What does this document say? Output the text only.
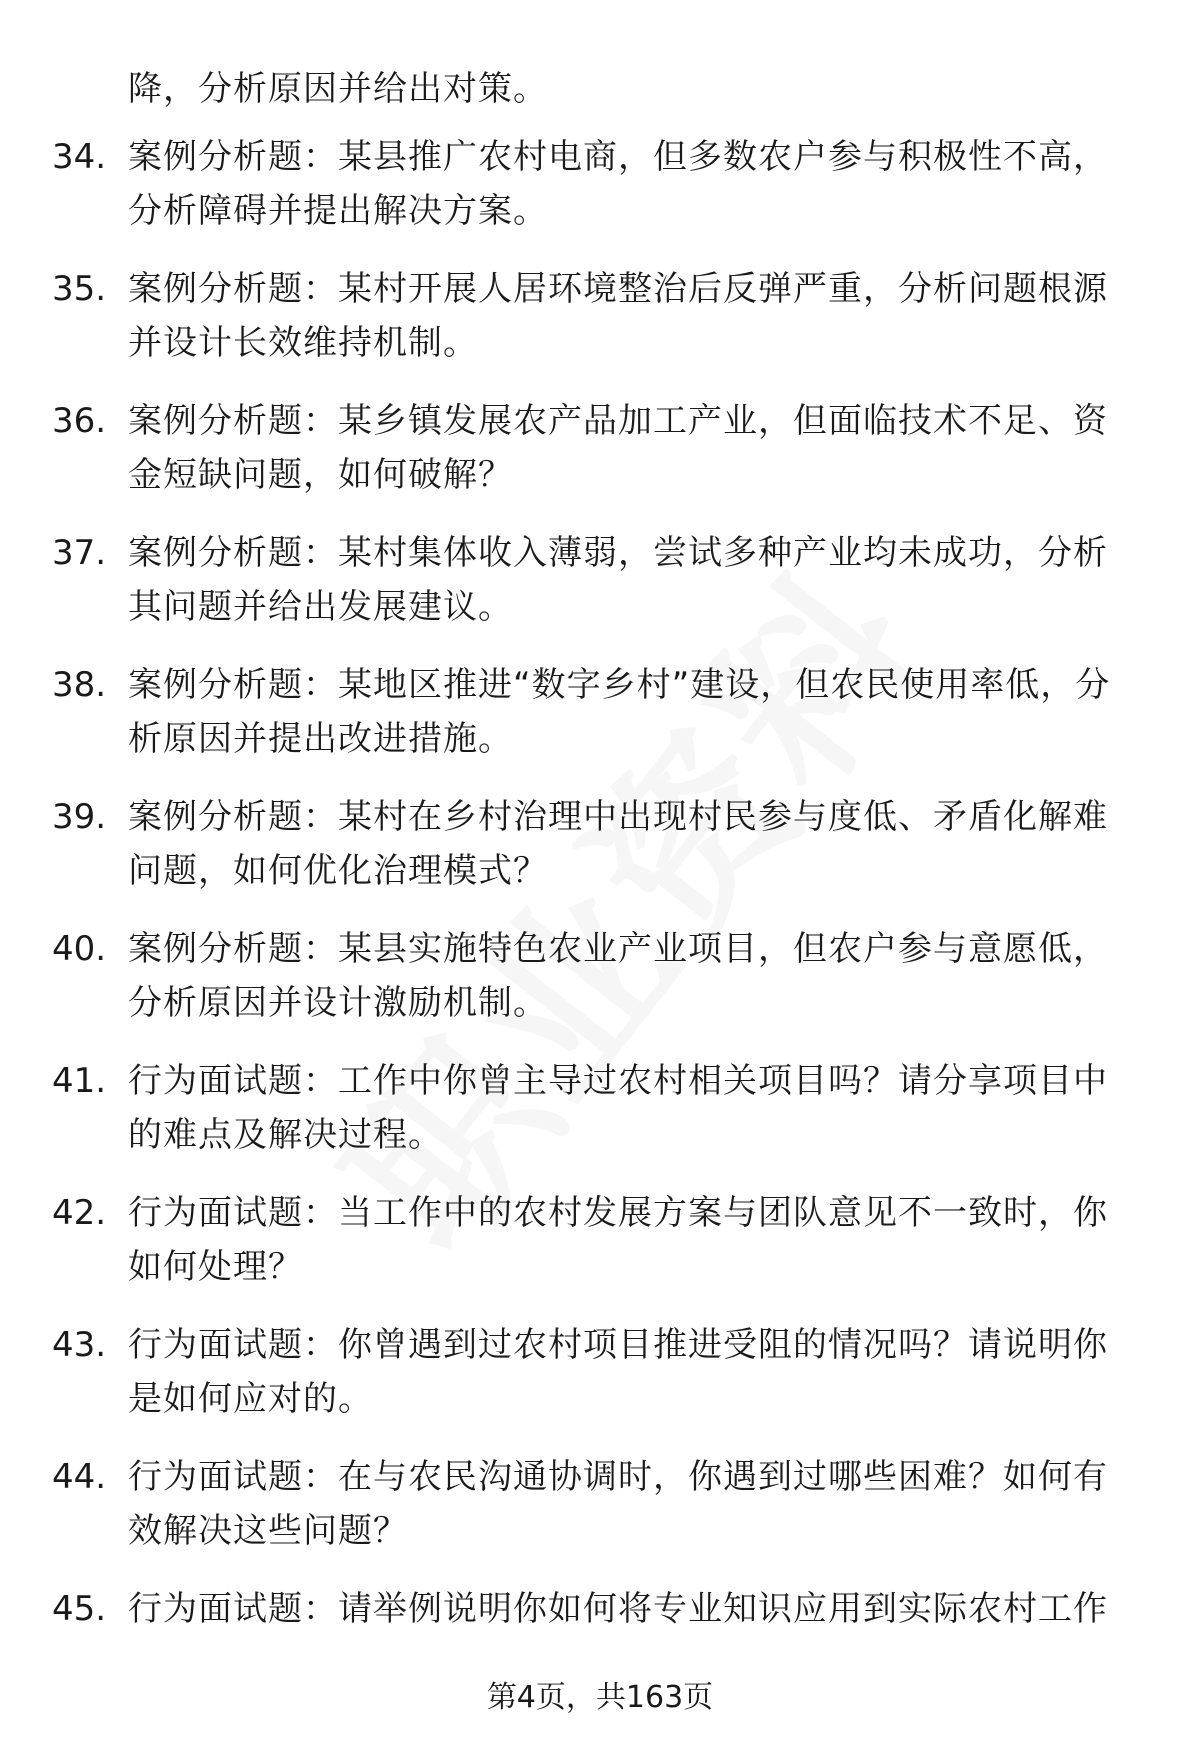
降，分析原因并给出对策。
34. 案例分析题：某县推广农村电商，但多数农户参与积极性不高，分析障碍并提出解决方案。
35. 案例分析题：某村开展人居环境整治后反弹严重，分析问题根源并设计长效维持机制。
36. 案例分析题：某乡镇发展农产品加工产业，但面临技术不足、资金短缺问题，如何破解？
37. 案例分析题：某村集体收入薄弱，尝试多种产业均未成功，分析其问题并给出发展建议。
38. 案例分析题：某地区推进“数字乡村”建设，但农民使用率低，分析原因并提出改进措施。
39. 案例分析题：某村在乡村治理中出现村民参与度低、矛盾化解难问题，如何优化治理模式？
40. 案例分析题：某县实施特色农业产业项目，但农户参与意愿低，分析原因并设计激励机制。
41. 行为面试题：工作中你曾主导过农村相关项目吗？请分享项目中的难点及解决过程。
42. 行为面试题：当工作中的农村发展方案与团队意见不一致时，你如何处理？
43. 行为面试题：你曾遇到过农村项目推进受阻的情况吗？请说明你是如何应对的。
44. 行为面试题：在与农民沟通协调时，你遇到过哪些困难？如何有效解决这些问题？
45. 行为面试题：请举例说明你如何将专业知识应用到实际农村工作
第4页，共163页
